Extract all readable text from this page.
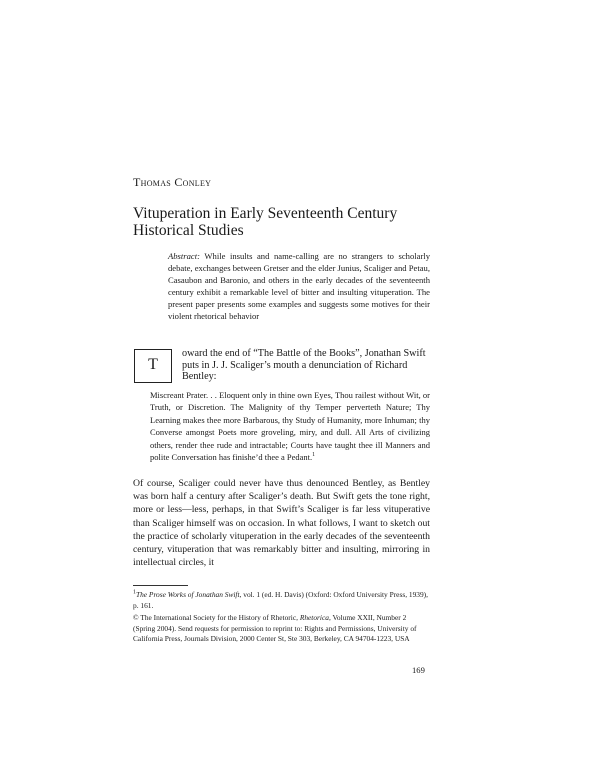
Thomas Conley
Vituperation in Early Seventeenth Century Historical Studies
Abstract: While insults and name-calling are no strangers to scholarly debate, exchanges between Gretser and the elder Junius, Scaliger and Petau, Casaubon and Baronio, and others in the early decades of the seventeenth century exhibit a remarkable level of bitter and insulting vituperation. The present paper presents some examples and suggests some motives for their violent rhetorical behavior
T
oward the end of “The Battle of the Books”, Jonathan Swift puts in J. J. Scaliger’s mouth a denunciation of Richard Bentley:
Miscreant Prater. . . Eloquent only in thine own Eyes, Thou railest without Wit, or Truth, or Discretion. The Malignity of thy Temper perverteth Nature; Thy Learning makes thee more Barbarous, thy Study of Humanity, more Inhuman; thy Converse amongst Poets more groveling, miry, and dull. All Arts of civilizing others, render thee rude and intractable; Courts have taught thee ill Manners and polite Conversation has finishe’d thee a Pedant.$^1$
Of course, Scaliger could never have thus denounced Bentley, as Bentley was born half a century after Scaliger’s death. But Swift gets the tone right, more or less—less, perhaps, in that Swift’s Scaliger is far less vituperative than Scaliger himself was on occasion. In what follows, I want to sketch out the practice of scholarly vituperation in the early decades of the seventeenth century, vituperation that was remarkably bitter and insulting, mirroring in intellectual circles, it
$^1$The Prose Works of Jonathan Swift, vol. 1 (ed. H. Davis) (Oxford: Oxford University Press, 1939), p. 161.
© The International Society for the History of Rhetoric, Rhetorica, Volume XXII, Number 2 (Spring 2004). Send requests for permission to reprint to: Rights and Permissions, University of California Press, Journals Division, 2000 Center St, Ste 303, Berkeley, CA 94704-1223, USA
169
